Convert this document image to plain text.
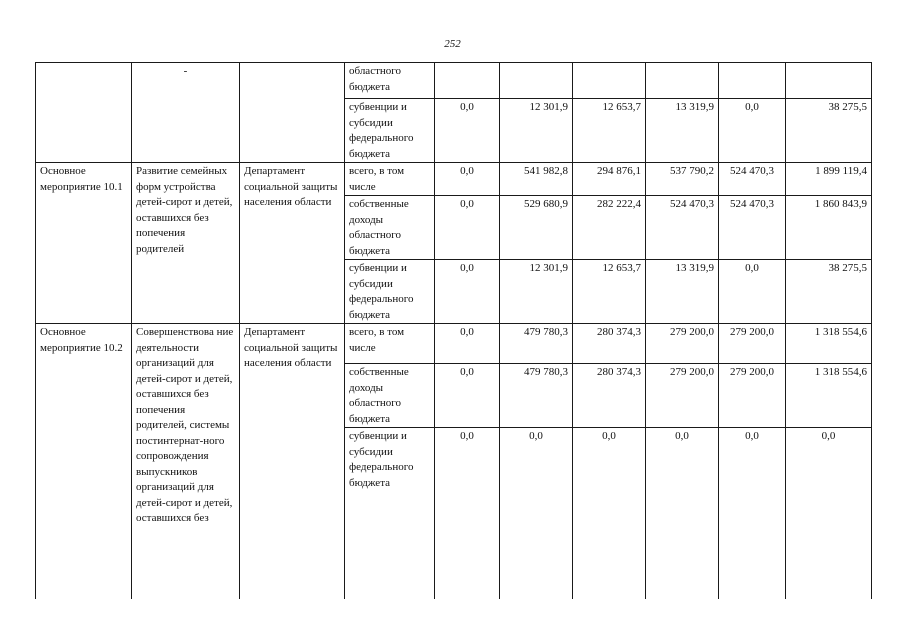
252
	-		областного бюджета						
			субвенции и субсидии федерального бюджета	0,0	12 301,9	12 653,7	13 319,9	0,0	38 275,5
Основное мероприятие 10.1	Развитие семейных форм устройства детей-сирот и детей, оставшихся без попечения родителей	Департамент социальной защиты населения области	всего, в том числе	0,0	541 982,8	294 876,1	537 790,2	524 470,3	1 899 119,4
			собственные доходы областного бюджета	0,0	529 680,9	282 222,4	524 470,3	524 470,3	1 860 843,9
			субвенции и субсидии федерального бюджета	0,0	12 301,9	12 653,7	13 319,9	0,0	38 275,5
Основное мероприятие 10.2	Совершенствова ние деятельности организаций для детей-сирот и детей, оставшихся без попечения родителей, системы постинтернат-ного сопровождения выпускников организаций для детей-сирот и детей, оставшихся без	Департамент социальной защиты населения области	всего, в том числе	0,0	479 780,3	280 374,3	279 200,0	279 200,0	1 318 554,6
			собственные доходы областного бюджета	0,0	479 780,3	280 374,3	279 200,0	279 200,0	1 318 554,6
			субвенции и субсидии федерального бюджета	0,0	0,0	0,0	0,0	0,0	0,0
